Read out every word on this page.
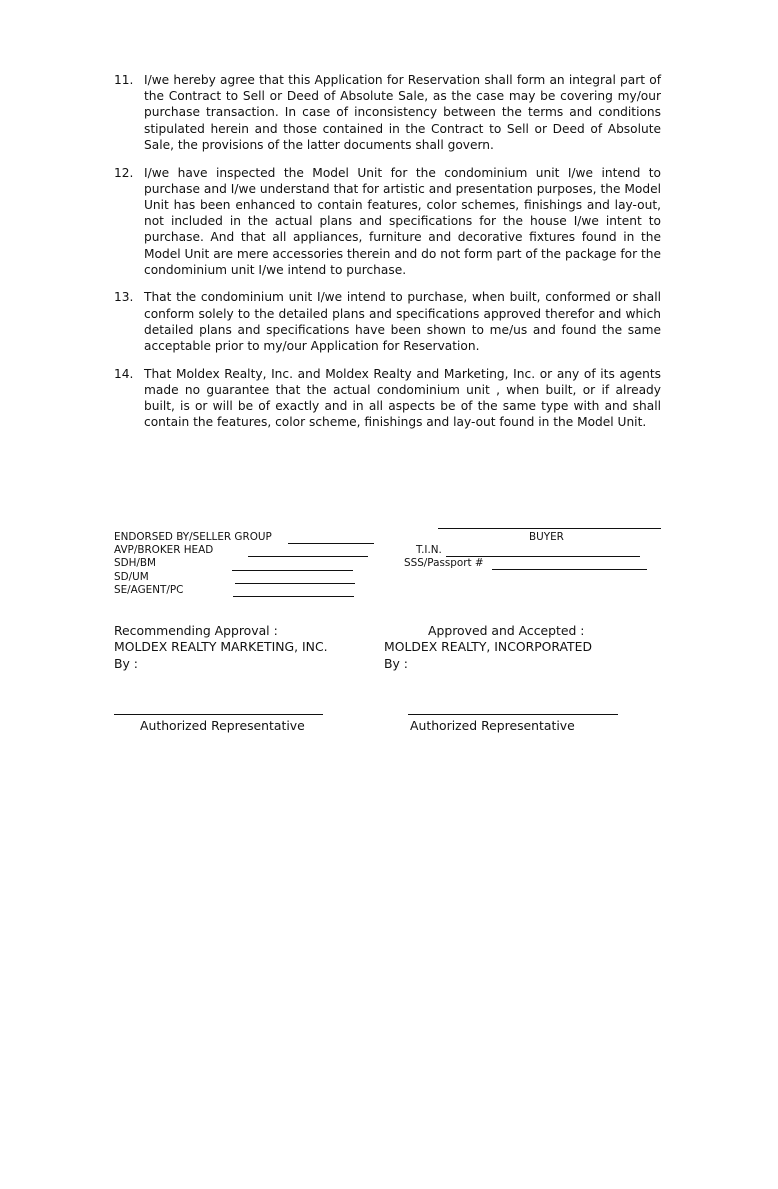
11. I/we hereby agree that this Application for Reservation shall form an integral part of the Contract to Sell or Deed of Absolute Sale, as the case may be covering my/our purchase transaction. In case of inconsistency between the terms and conditions stipulated herein and those contained in the Contract to Sell or Deed of Absolute Sale, the provisions of the latter documents shall govern.
12. I/we have inspected the Model Unit for the condominium unit I/we intend to purchase and I/we understand that for artistic and presentation purposes, the Model Unit has been enhanced to contain features, color schemes, finishings and lay-out, not included in the actual plans and specifications for the house I/we intent to purchase. And that all appliances, furniture and decorative fixtures found in the Model Unit are mere accessories therein and do not form part of the package for the condominium unit I/we intend to purchase.
13. That the condominium unit I/we intend to purchase, when built, conformed or shall conform solely to the detailed plans and specifications approved therefor and which detailed plans and specifications have been shown to me/us and found the same acceptable prior to my/our Application for Reservation.
14. That Moldex Realty, Inc. and Moldex Realty and Marketing, Inc. or any of its agents made no guarantee that the actual condominium unit , when built, or if already built, is or will be of exactly and in all aspects be of the same type with and shall contain the features, color scheme, finishings and lay-out found in the Model Unit.
BUYER
ENDORSED BY/SELLER GROUP
AVP/BROKER HEAD
SDH/BM
SD/UM
SE/AGENT/PC
T.I.N.
SSS/Passport #
Recommending Approval :
MOLDEX REALTY MARKETING, INC.
By :
Approved and Accepted :
MOLDEX REALTY, INCORPORATED
By :
Authorized Representative	Authorized Representative
